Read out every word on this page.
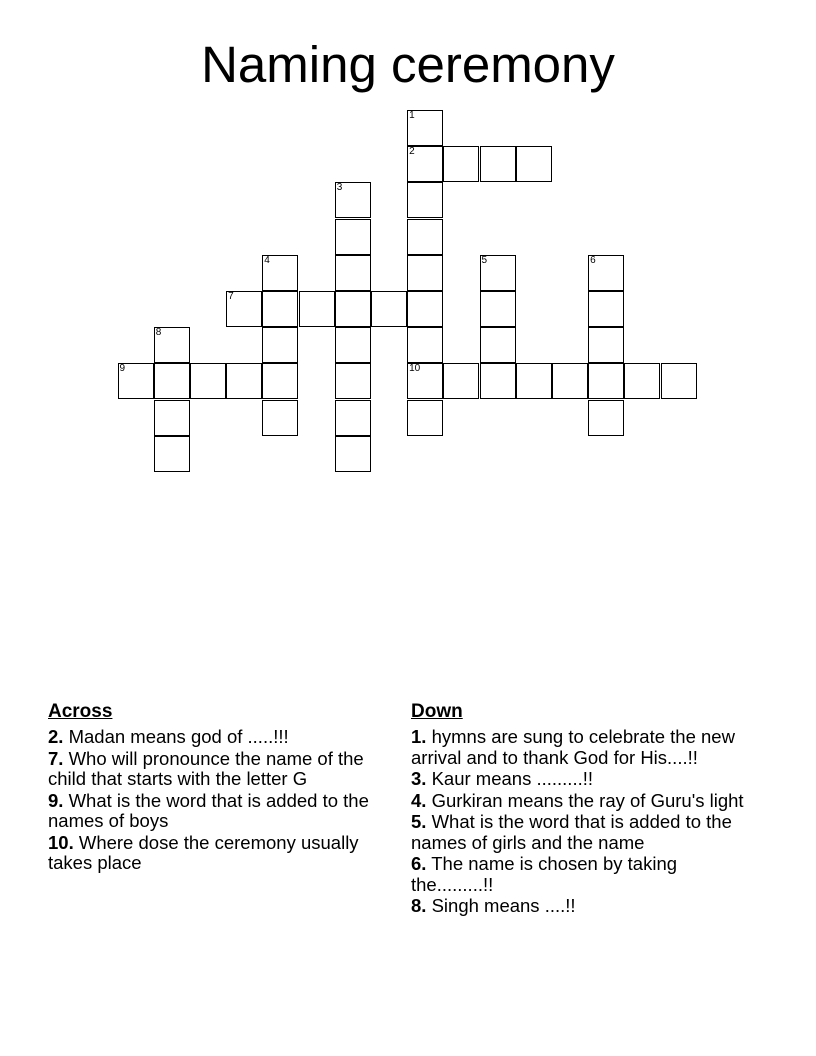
Naming ceremony
1
2
10
3
4	5	6
7
8
9
Across
2. Madan means god of .....!!!
7. Who will pronounce the name of the child that starts with the letter G
9. What is the word that is added to the names of boys
10. Where dose the ceremony usually takes place
Down
1. hymns are sung to celebrate the new arrival and to thank God for His....!!
3. Kaur means .........!!
4. Gurkiran means the ray of Guru's light
5. What is the word that is added to the names of girls and the name
6. The name is chosen by taking the.........!!
8. Singh means ....!!
